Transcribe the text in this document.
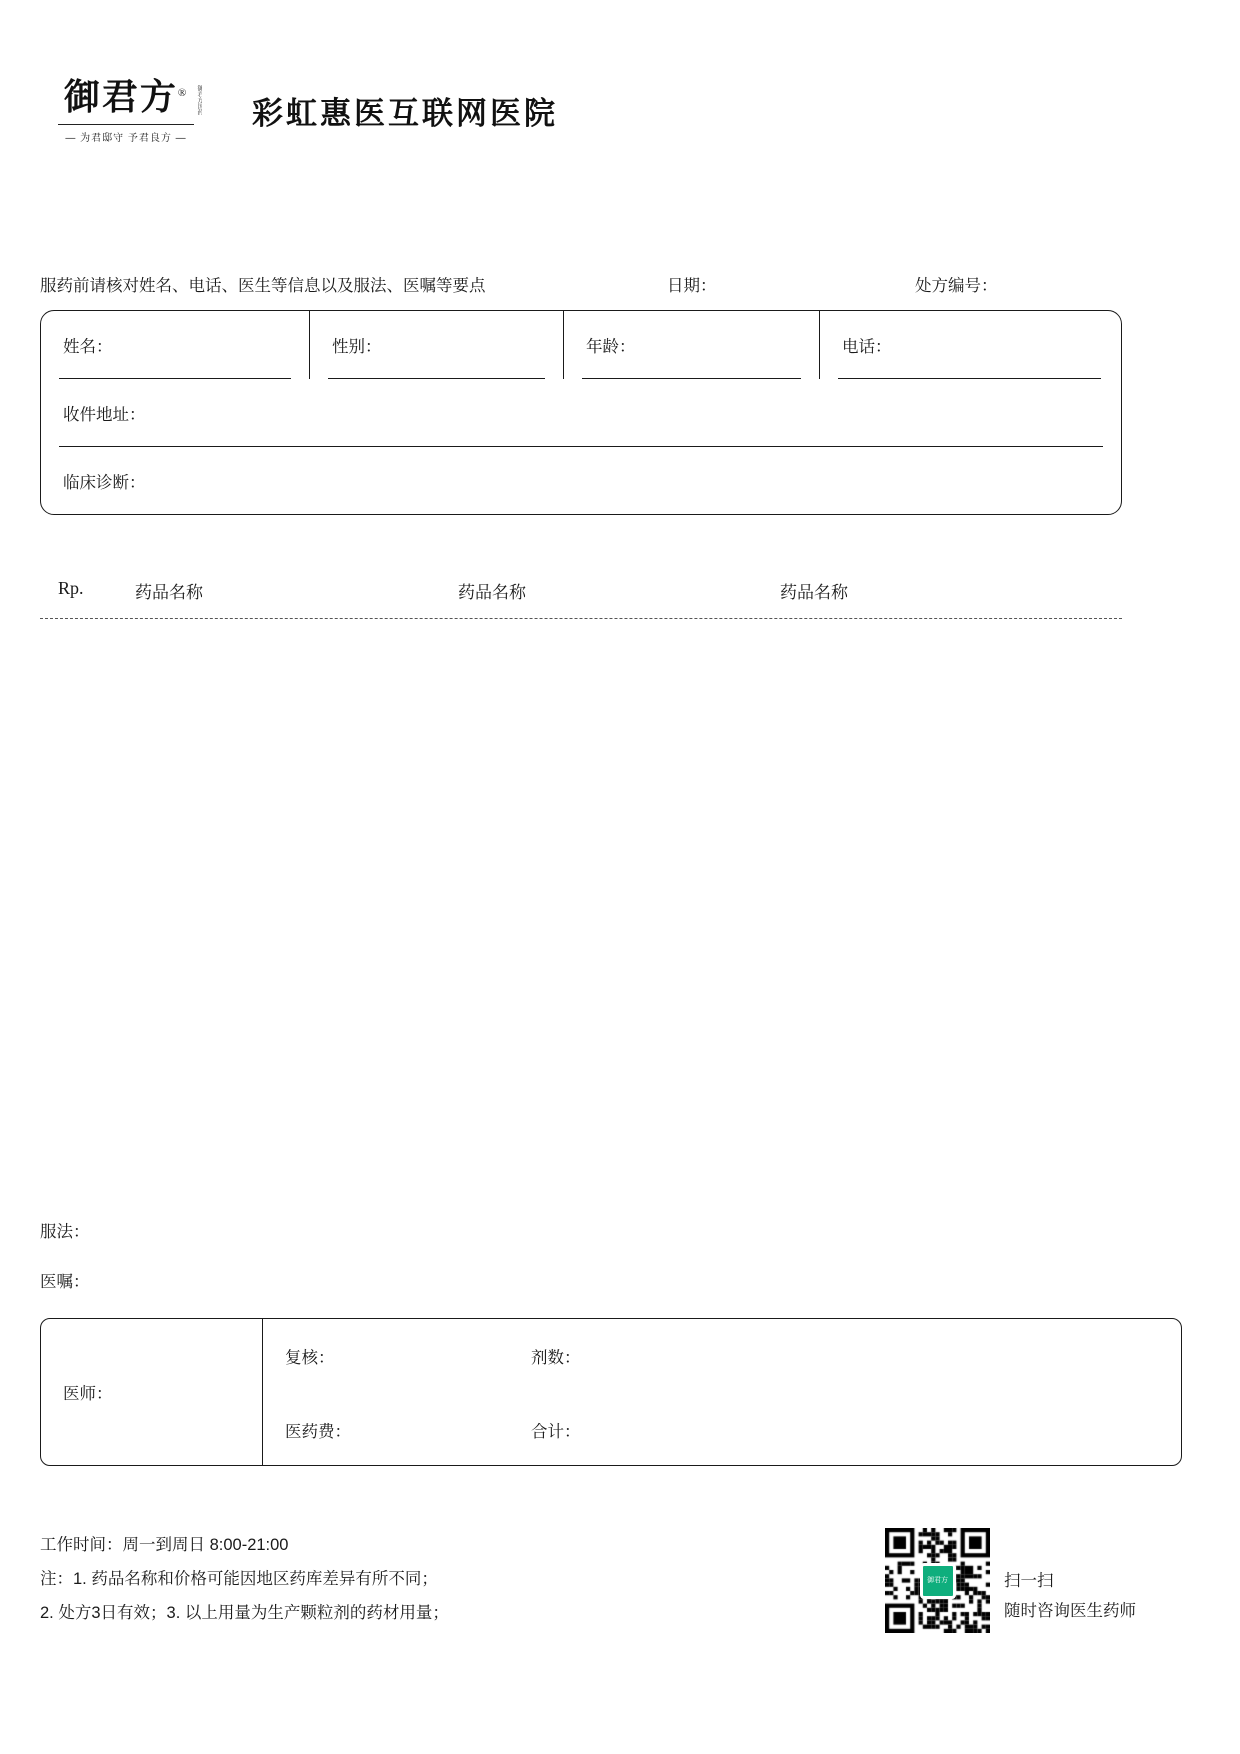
御君方®	御君方国药
— 为君邸守 予君良方 —
彩虹惠医互联网医院
服药前请核对姓名、电话、医生等信息以及服法、医嘱等要点	日期：	处方编号：
姓名：	性别：	年龄：	电话：
收件地址：
临床诊断：
Rp.	药品名称	药品名称	药品名称
服法：
医嘱：
医师：
复核：	剂数：
医药费：	合计：
工作时间：周一到周日 8:00-21:00
注：1. 药品名称和价格可能因地区药库差异有所不同；
2. 处方3日有效；3. 以上用量为生产颗粒剂的药材用量；
御君方	扫一扫
随时咨询医生药师
